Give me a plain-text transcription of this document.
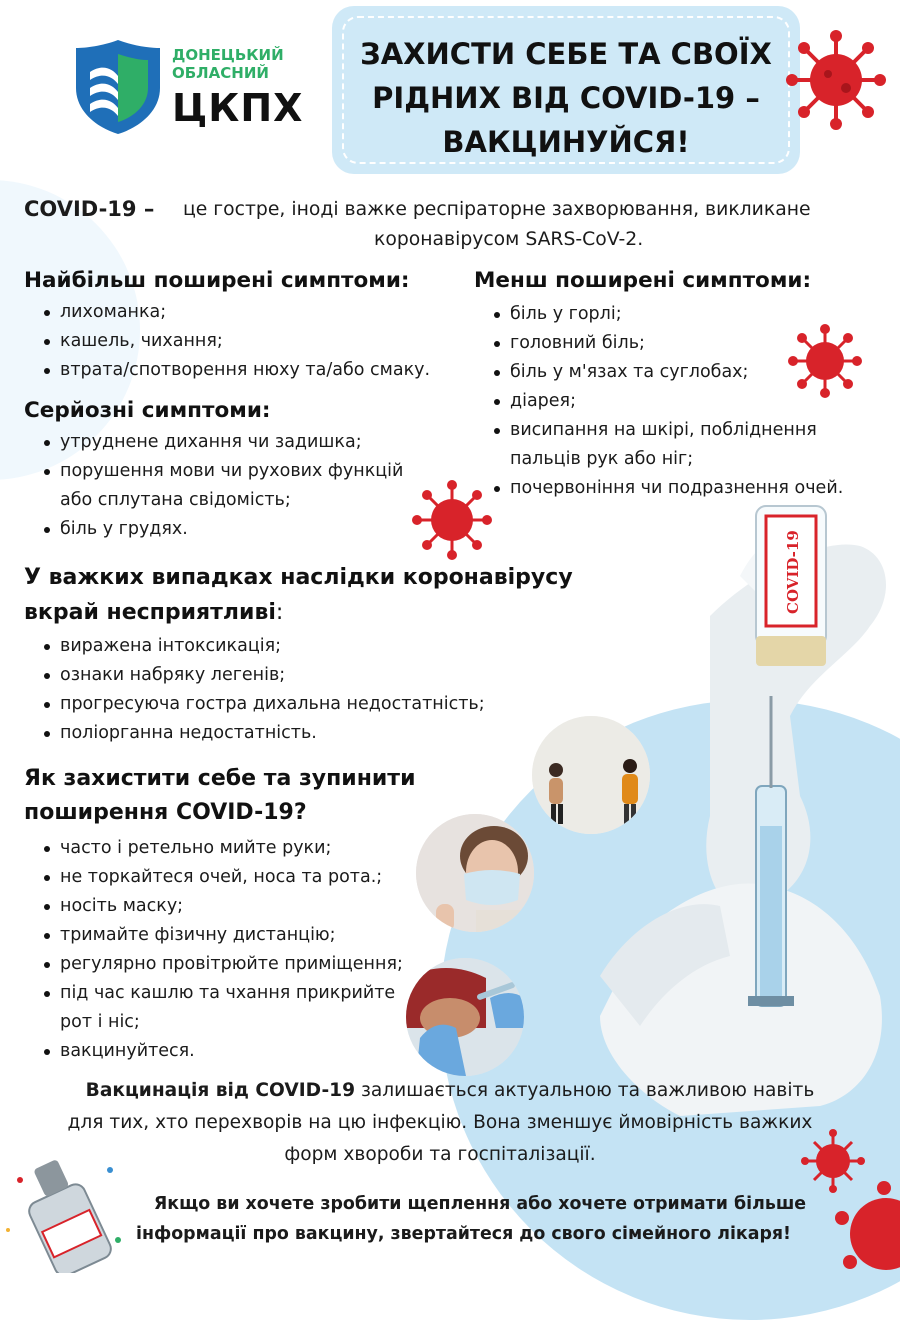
ДОНЕЦЬКИЙ
ОБЛАСНИЙ
ЦКПХ
ЗАХИСТИ СЕБЕ ТА СВОЇХ
РІДНИХ ВІД COVID-19 –
ВАКЦИНУЙСЯ!
COVID-19
COVID-19 – це гостре, іноді важке респіраторне захворювання, викликане
коронавірусом SARS-CoV-2.
Найбільш поширені симптоми:
лихоманка;
кашель, чихання;
втрата/спотворення нюху та/або смаку.
Менш поширені симптоми:
біль у горлі;
головний біль;
біль у м'язах та суглобах;
діарея;
висипання на шкірі, побліднення
пальців рук або ніг;
почервоніння чи подразнення очей.
Серйозні симптоми:
утруднене дихання чи задишка;
порушення мови чи рухових функцій
або сплутана свідомість;
біль у грудях.
У важких випадках наслідки коронавірусу
вкрай несприятливі:
виражена інтоксикація;
ознаки набряку легенів;
прогресуюча гостра дихальна недостатність;
поліорганна недостатність.
Як захистити себе та зупинити
поширення COVID-19?
часто і ретельно мийте руки;
не торкайтеся очей, носа та рота.;
носіть маску;
тримайте фізичну дистанцію;
регулярно провітрюйте приміщення;
під час кашлю та чхання прикрийте
рот і ніс;
вакцинуйтеся.
Вакцинація від COVID-19 залишається актуальною та важливою навіть
для тих, хто перехворів на цю інфекцію. Вона зменшує ймовірність важких
форм хвороби та госпіталізації.
Якщо ви хочете зробити щеплення або хочете отримати більше
інформації про вакцину, звертайтеся до свого сімейного лікаря!
